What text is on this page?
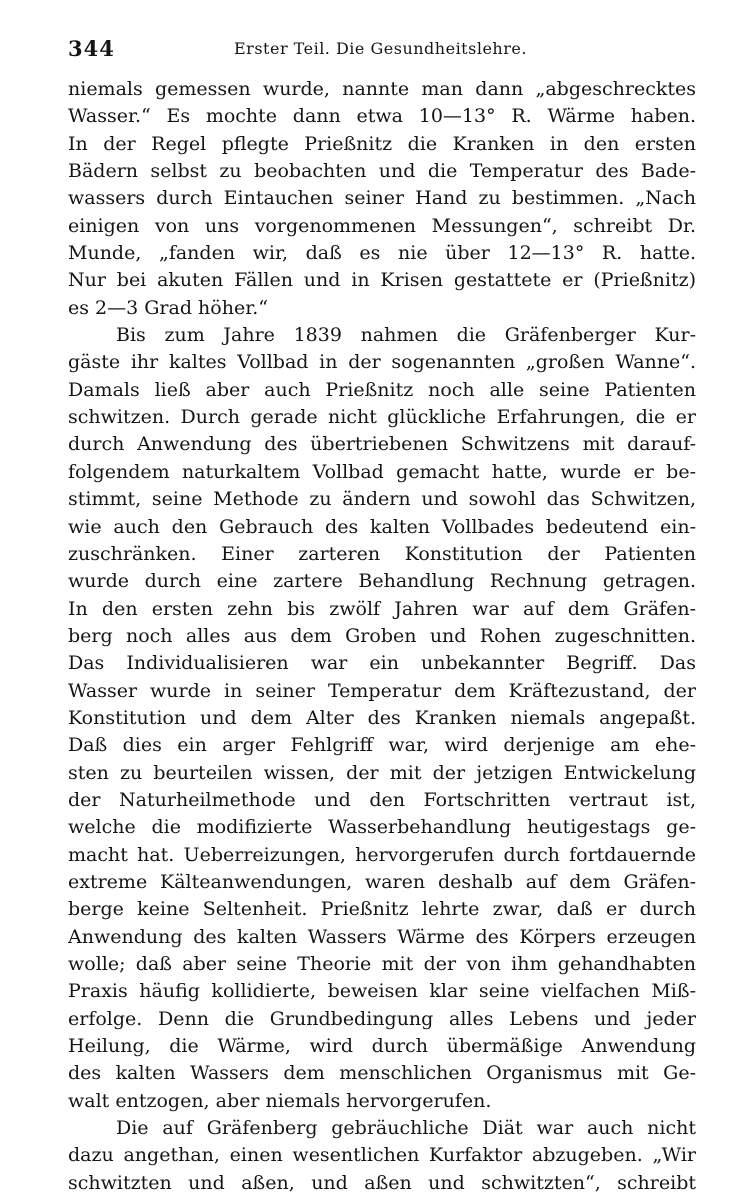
344	Erster Teil. Die Gesundheitslehre.
niemals gemessen wurde, nannte man dann „abgeschrecktes
Wasser.“ Es mochte dann etwa 10—13° R. Wärme haben.
In der Regel pflegte Prießnitz die Kranken in den ersten
Bädern selbst zu beobachten und die Temperatur des Bade-
wassers durch Eintauchen seiner Hand zu bestimmen. „Nach
einigen von uns vorgenommenen Messungen“, schreibt Dr.
Munde, „fanden wir, daß es nie über 12—13° R. hatte.
Nur bei akuten Fällen und in Krisen gestattete er (Prießnitz)
es 2—3 Grad höher.“
Bis zum Jahre 1839 nahmen die Gräfenberger Kur-
gäste ihr kaltes Vollbad in der sogenannten „großen Wanne“.
Damals ließ aber auch Prießnitz noch alle seine Patienten
schwitzen. Durch gerade nicht glückliche Erfahrungen, die er
durch Anwendung des übertriebenen Schwitzens mit darauf-
folgendem naturkaltem Vollbad gemacht hatte, wurde er be-
stimmt, seine Methode zu ändern und sowohl das Schwitzen,
wie auch den Gebrauch des kalten Vollbades bedeutend ein-
zuschränken. Einer zarteren Konstitution der Patienten
wurde durch eine zartere Behandlung Rechnung getragen.
In den ersten zehn bis zwölf Jahren war auf dem Gräfen-
berg noch alles aus dem Groben und Rohen zugeschnitten.
Das Individualisieren war ein unbekannter Begriff. Das
Wasser wurde in seiner Temperatur dem Kräftezustand, der
Konstitution und dem Alter des Kranken niemals angepaßt.
Daß dies ein arger Fehlgriff war, wird derjenige am ehe-
sten zu beurteilen wissen, der mit der jetzigen Entwickelung
der Naturheilmethode und den Fortschritten vertraut ist,
welche die modifizierte Wasserbehandlung heutigestags ge-
macht hat. Ueberreizungen, hervorgerufen durch fortdauernde
extreme Kälteanwendungen, waren deshalb auf dem Gräfen-
berge keine Seltenheit. Prießnitz lehrte zwar, daß er durch
Anwendung des kalten Wassers Wärme des Körpers erzeugen
wolle; daß aber seine Theorie mit der von ihm gehandhabten
Praxis häufig kollidierte, beweisen klar seine vielfachen Miß-
erfolge. Denn die Grundbedingung alles Lebens und jeder
Heilung, die Wärme, wird durch übermäßige Anwendung
des kalten Wassers dem menschlichen Organismus mit Ge-
walt entzogen, aber niemals hervorgerufen.
Die auf Gräfenberg gebräuchliche Diät war auch nicht
dazu angethan, einen wesentlichen Kurfaktor abzugeben. „Wir
schwitzten und aßen, und aßen und schwitzten“, schreibt
